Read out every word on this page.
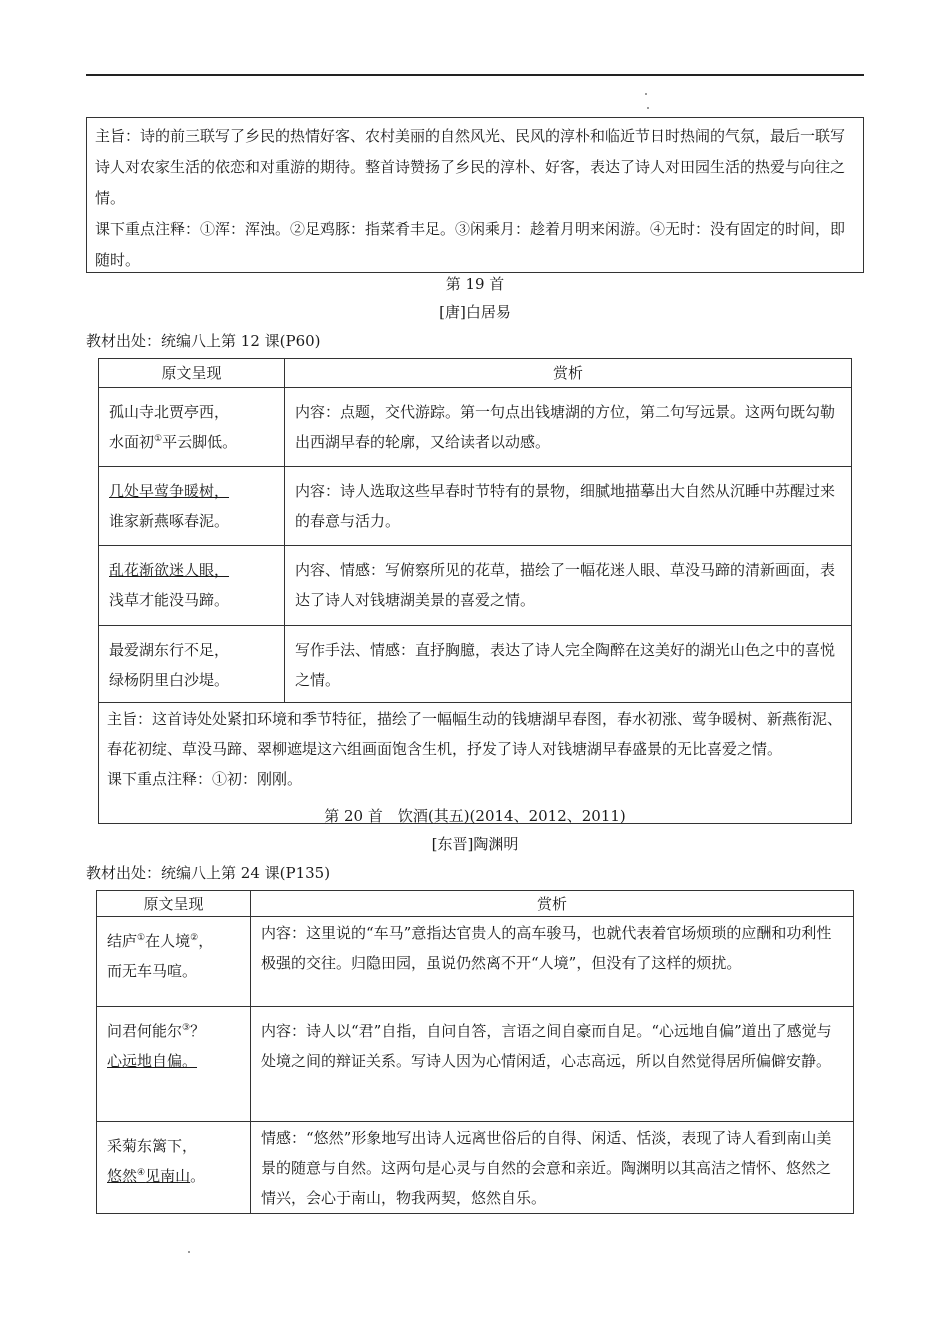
主旨：诗的前三联写了乡民的热情好客、农村美丽的自然风光、民风的淳朴和临近节日时热闹的气氛，最后一联写诗人对农家生活的依恋和对重游的期待。整首诗赞扬了乡民的淳朴、好客，表达了诗人对田园生活的热爱与向往之情。

课下重点注释：①浑：浑浊。②足鸡豚：指菜肴丰足。③闲乘月：趁着月明来闲游。④无时：没有固定的时间，即随时。

第 19 首
[唐]白居易
教材出处：统编八上第 12 课(P60)
原文呈现	赏析

孤山寺北贾亭西，
水面初①平云脚低。	内容：点题，交代游踪。第一句点出钱塘湖的方位，第二句写远景。这两句既勾勒出西湖早春的轮廓，又给读者以动感。

几处早莺争暖树，
谁家新燕啄春泥。	内容：诗人选取这些早春时节特有的景物，细腻地描摹出大自然从沉睡中苏醒过来的春意与活力。

乱花渐欲迷人眼，
浅草才能没马蹄。	内容、情感：写俯察所见的花草，描绘了一幅花迷人眼、草没马蹄的清新画面，表达了诗人对钱塘湖美景的喜爱之情。

最爱湖东行不足，
绿杨阴里白沙堤。	写作手法、情感：直抒胸臆，表达了诗人完全陶醉在这美好的湖光山色之中的喜悦之情。

主旨：这首诗处处紧扣环境和季节特征，描绘了一幅幅生动的钱塘湖早春图，春水初涨、莺争暖树、新燕衔泥、春花初绽、草没马蹄、翠柳遮堤这六组画面饱含生机，抒发了诗人对钱塘湖早春盛景的无比喜爱之情。

课下重点注释：①初：刚刚。	

第 20 首　饮酒(其五)(2014、2012、2011)
[东晋]陶渊明
教材出处：统编八上第 24 课(P135)
原文呈现	赏析

结庐①在人境②，
而无车马喧。	内容：这里说的“车马”意指达官贵人的高车骏马，也就代表着官场烦琐的应酬和功利性极强的交往。归隐田园，虽说仍然离不开“人境”，但没有了这样的烦扰。

问君何能尔③？
心远地自偏。	内容：诗人以“君”自指，自问自答，言语之间自豪而自足。“心远地自偏”道出了感觉与处境之间的辩证关系。写诗人因为心情闲适，心志高远，所以自然觉得居所偏僻安静。

采菊东篱下，
悠然④见南山。	情感：“悠然”形象地写出诗人远离世俗后的自得、闲适、恬淡，表现了诗人看到南山美景的随意与自然。这两句是心灵与自然的会意和亲近。陶渊明以其高洁之情怀、悠然之情兴，会心于南山，物我两契，悠然自乐。
